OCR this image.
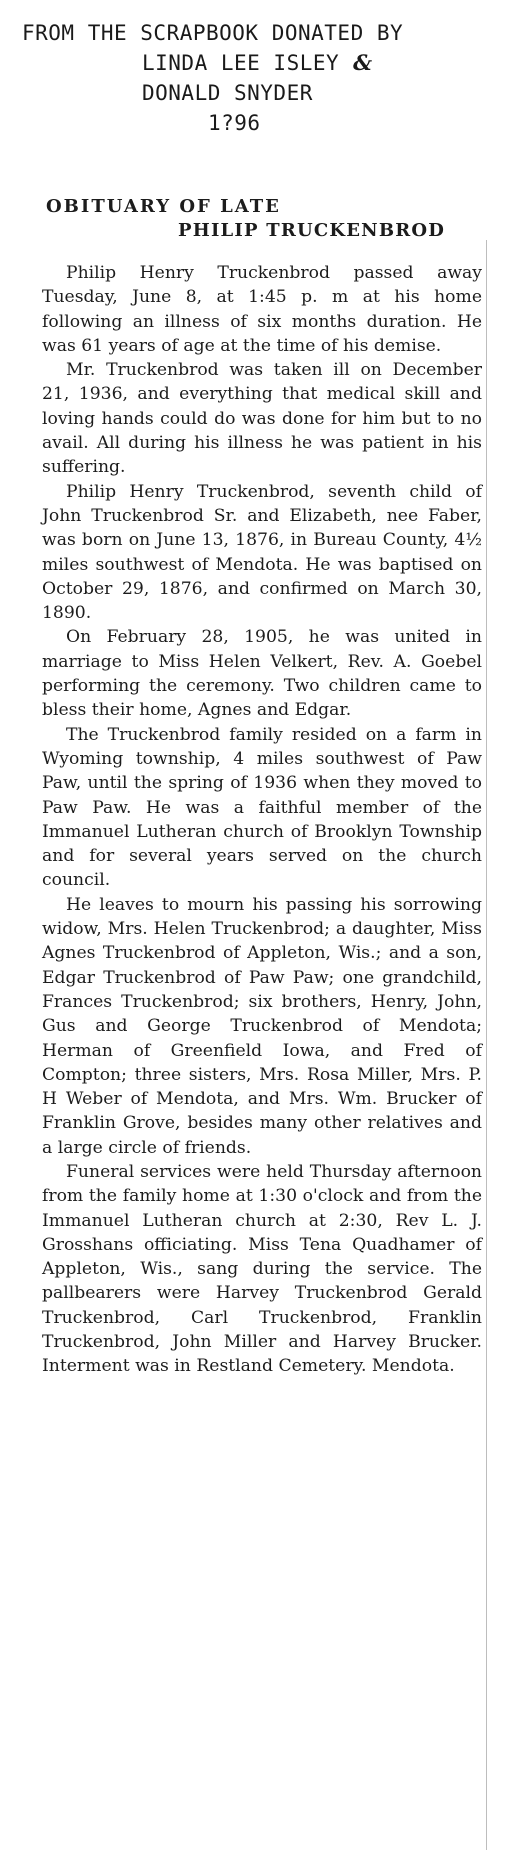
FROM THE SCRAPBOOK DONATED BY
LINDA LEE ISLEY &
DONALD SNYDER
1?96
OBITUARY OF LATE
PHILIP TRUCKENBROD

Philip Henry Truckenbrod passed away Tuesday, June 8, at 1:45 p. m at his home following an illness of six months duration. He was 61 years of age at the time of his demise.

Mr. Truckenbrod was taken ill on December 21, 1936, and everything that medical skill and loving hands could do was done for him but to no avail. All during his illness he was patient in his suffering.

Philip Henry Truckenbrod, seventh child of John Truckenbrod Sr. and Elizabeth, nee Faber, was born on June 13, 1876, in Bureau County, 4½ miles southwest of Mendota. He was baptised on October 29, 1876, and confirmed on March 30, 1890.

On February 28, 1905, he was united in marriage to Miss Helen Velkert, Rev. A. Goebel performing the ceremony. Two children came to bless their home, Agnes and Edgar.

The Truckenbrod family resided on a farm in Wyoming township, 4 miles southwest of Paw Paw, until the spring of 1936 when they moved to Paw Paw. He was a faithful member of the Immanuel Lutheran church of Brooklyn Township and for several years served on the church council.

He leaves to mourn his passing his sorrowing widow, Mrs. Helen Truckenbrod; a daughter, Miss Agnes Truckenbrod of Appleton, Wis.; and a son, Edgar Truckenbrod of Paw Paw; one grandchild, Frances Truckenbrod; six brothers, Henry, John, Gus and George Truckenbrod of Mendota; Herman of Greenfield Iowa, and Fred of Compton; three sisters, Mrs. Rosa Miller, Mrs. P. H Weber of Mendota, and Mrs. Wm. Brucker of Franklin Grove, besides many other relatives and a large circle of friends.

Funeral services were held Thursday afternoon from the family home at 1:30 o'clock and from the Immanuel Lutheran church at 2:30, Rev L. J. Grosshans officiating. Miss Tena Quadhamer of Appleton, Wis., sang during the service. The pallbearers were Harvey Truckenbrod Gerald Truckenbrod, Carl Truckenbrod, Franklin Truckenbrod, John Miller and Harvey Brucker. Interment was in Restland Cemetery. Mendota.
